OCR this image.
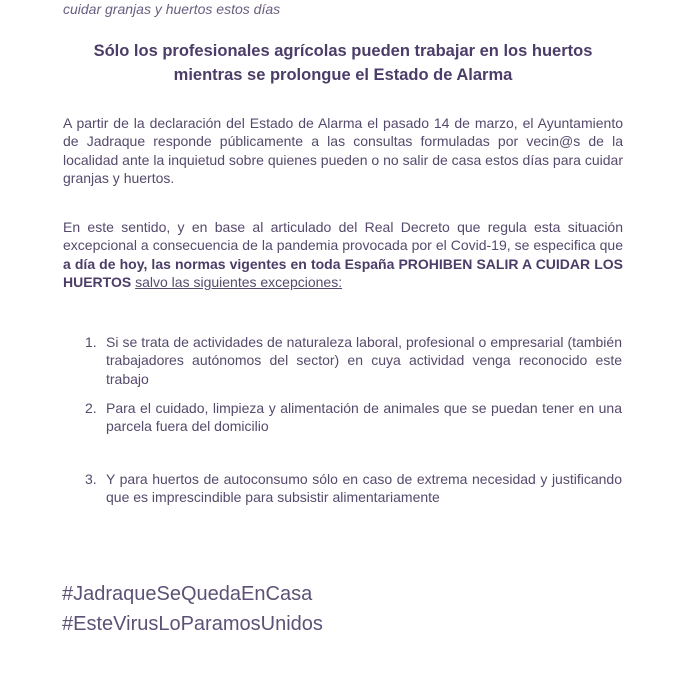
cuidar granjas y huertos estos días

Sólo los profesionales agrícolas pueden trabajar en los huertos mientras se prolongue el Estado de Alarma

A partir de la declaración del Estado de Alarma el pasado 14 de marzo, el Ayuntamiento de Jadraque responde públicamente a las consultas formuladas por vecin@s de la localidad ante la inquietud sobre quienes pueden o no salir de casa estos días para cuidar granjas y huertos.

En este sentido, y en base al articulado del Real Decreto que regula esta situación excepcional a consecuencia de la pandemia provocada por el Covid-19, se especifica que a día de hoy, las normas vigentes en toda España PROHIBEN SALIR A CUIDAR LOS HUERTOS salvo las siguientes excepciones:

1. Si se trata de actividades de naturaleza laboral, profesional o empresarial (también trabajadores autónomos del sector) en cuya actividad venga reconocido este trabajo
2. Para el cuidado, limpieza y alimentación de animales que se puedan tener en una parcela fuera del domicilio
3. Y para huertos de autoconsumo sólo en caso de extrema necesidad y justificando que es imprescindible para subsistir alimentariamente
#JadraqueSeQuedaEnCasa
#EsteVirusLoParamosUnidos
